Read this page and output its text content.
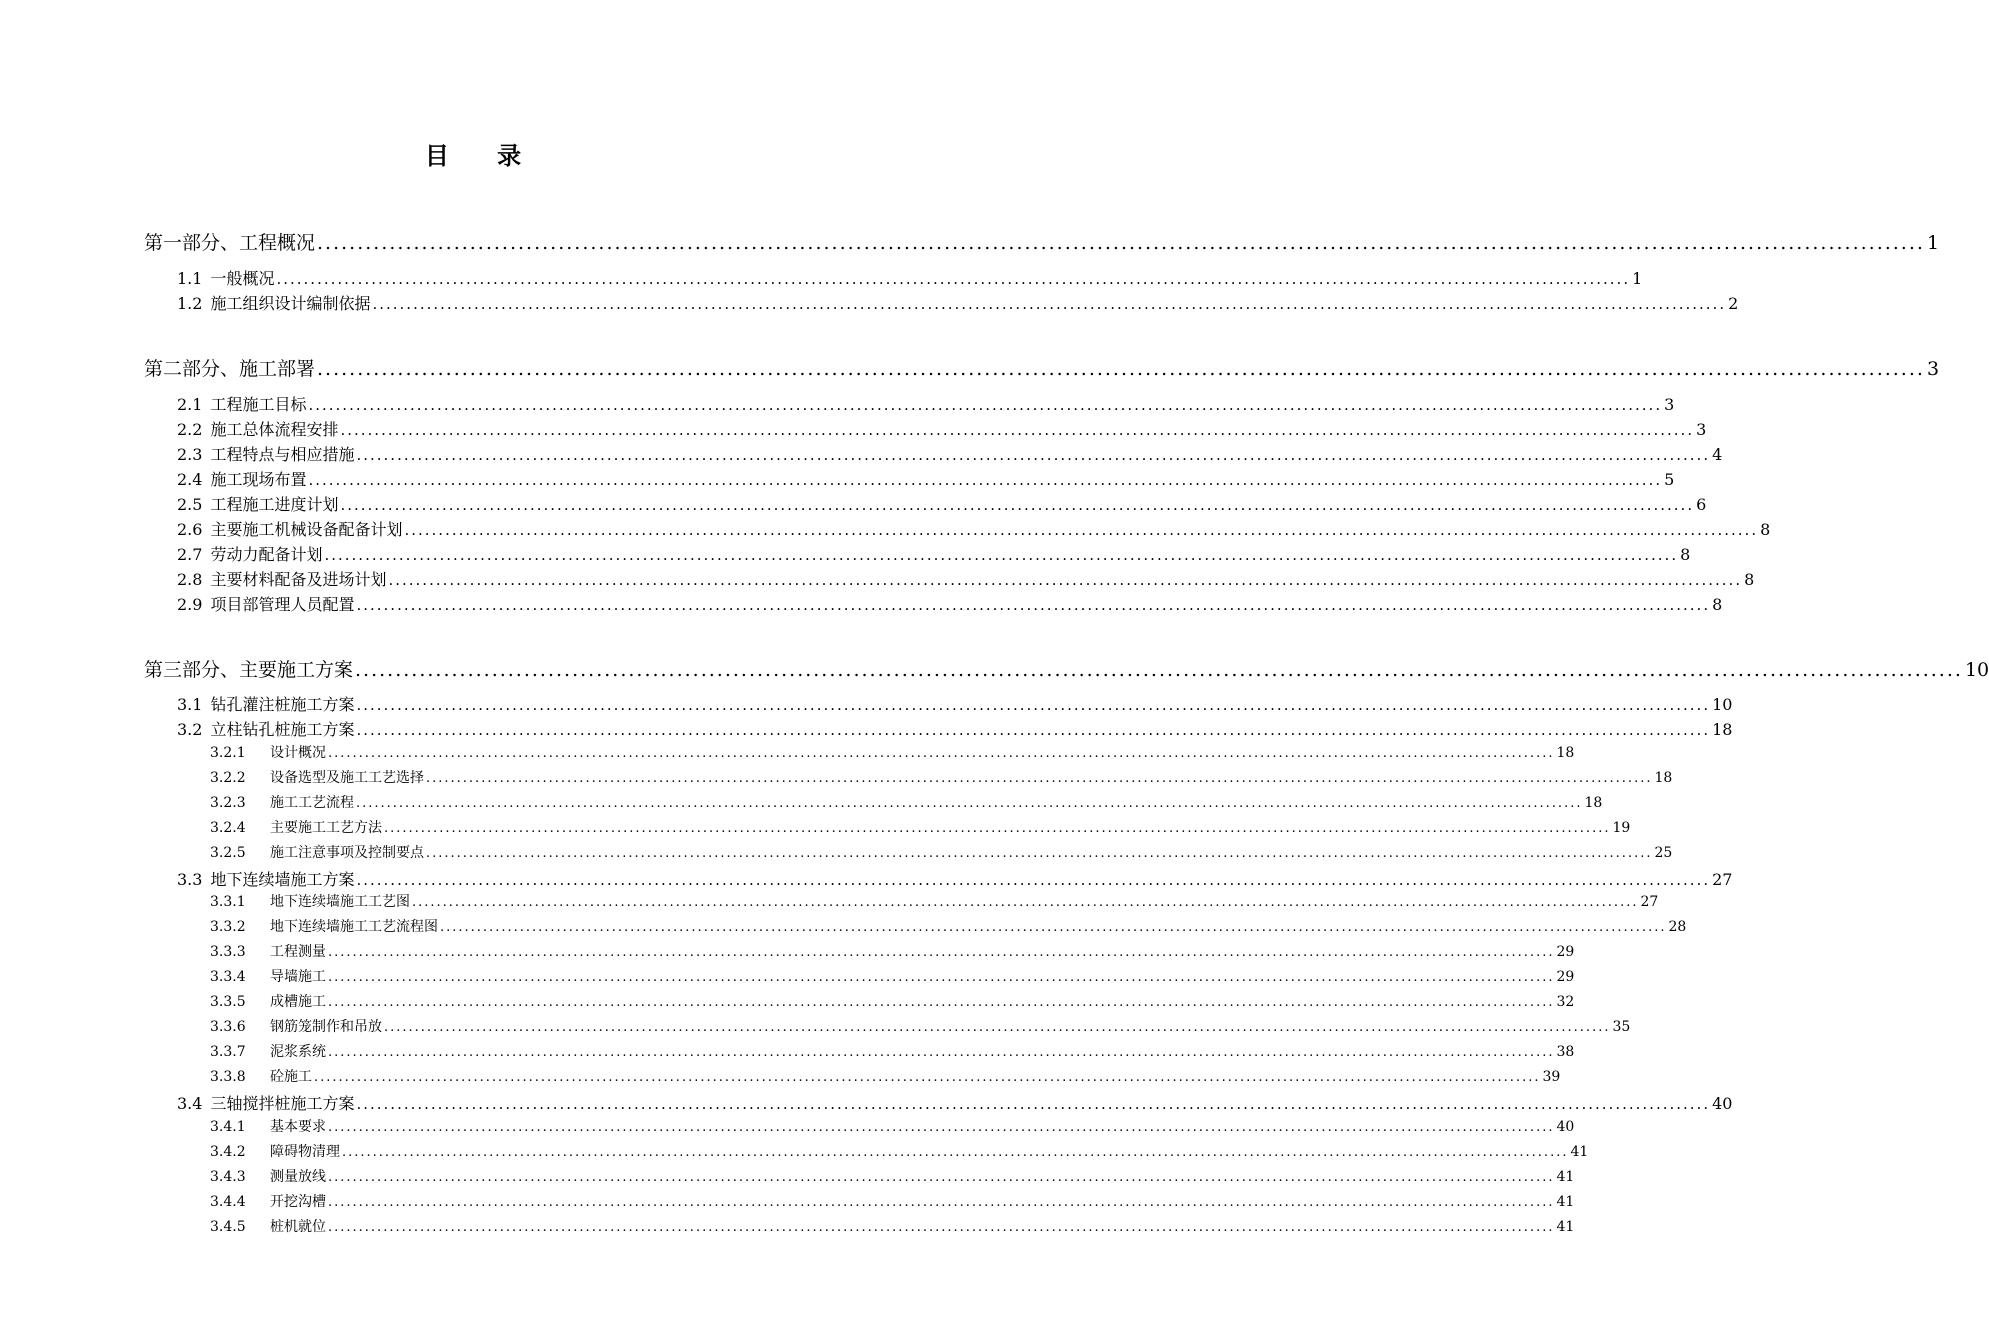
目 录
第一部分、工程概况 ........................................................................................................................................................................................................ 1
1.1 一般概况 ........................................................................................................................................................................................................ 1
1.2 施工组织设计编制依据 ........................................................................................................................................................................................................ 2
第二部分、施工部署 ........................................................................................................................................................................................................ 3
2.1 工程施工目标 ........................................................................................................................................................................................................ 3
2.2 施工总体流程安排 ........................................................................................................................................................................................................ 3
2.3 工程特点与相应措施 ........................................................................................................................................................................................................ 4
2.4 施工现场布置 ........................................................................................................................................................................................................ 5
2.5 工程施工进度计划 ........................................................................................................................................................................................................ 6
2.6 主要施工机械设备配备计划 ........................................................................................................................................................................................................ 8
2.7 劳动力配备计划 ........................................................................................................................................................................................................ 8
2.8 主要材料配备及进场计划 ........................................................................................................................................................................................................ 8
2.9 项目部管理人员配置 ........................................................................................................................................................................................................ 8
第三部分、主要施工方案 ........................................................................................................................................................................................................ 10
3.1 钻孔灌注桩施工方案 ........................................................................................................................................................................................................ 10
3.2 立柱钻孔桩施工方案 ........................................................................................................................................................................................................ 18
3.2.1	设计概况 ........................................................................................................................................................................................................ 18
3.2.2	设备选型及施工工艺选择 ........................................................................................................................................................................................................ 18
3.2.3	施工工艺流程 ........................................................................................................................................................................................................ 18
3.2.4	主要施工工艺方法 ........................................................................................................................................................................................................ 19
3.2.5	施工注意事项及控制要点 ........................................................................................................................................................................................................ 25
3.3 地下连续墙施工方案 ........................................................................................................................................................................................................ 27
3.3.1	地下连续墙施工工艺图 ........................................................................................................................................................................................................ 27
3.3.2	地下连续墙施工工艺流程图 ........................................................................................................................................................................................................ 28
3.3.3	工程测量 ........................................................................................................................................................................................................ 29
3.3.4	导墙施工 ........................................................................................................................................................................................................ 29
3.3.5	成槽施工 ........................................................................................................................................................................................................ 32
3.3.6	钢筋笼制作和吊放 ........................................................................................................................................................................................................ 35
3.3.7	泥浆系统 ........................................................................................................................................................................................................ 38
3.3.8	砼施工 ........................................................................................................................................................................................................ 39
3.4 三轴搅拌桩施工方案 ........................................................................................................................................................................................................ 40
3.4.1	基本要求 ........................................................................................................................................................................................................ 40
3.4.2	障碍物清理 ........................................................................................................................................................................................................ 41
3.4.3	测量放线 ........................................................................................................................................................................................................ 41
3.4.4	开挖沟槽 ........................................................................................................................................................................................................ 41
3.4.5	桩机就位 ........................................................................................................................................................................................................ 41
